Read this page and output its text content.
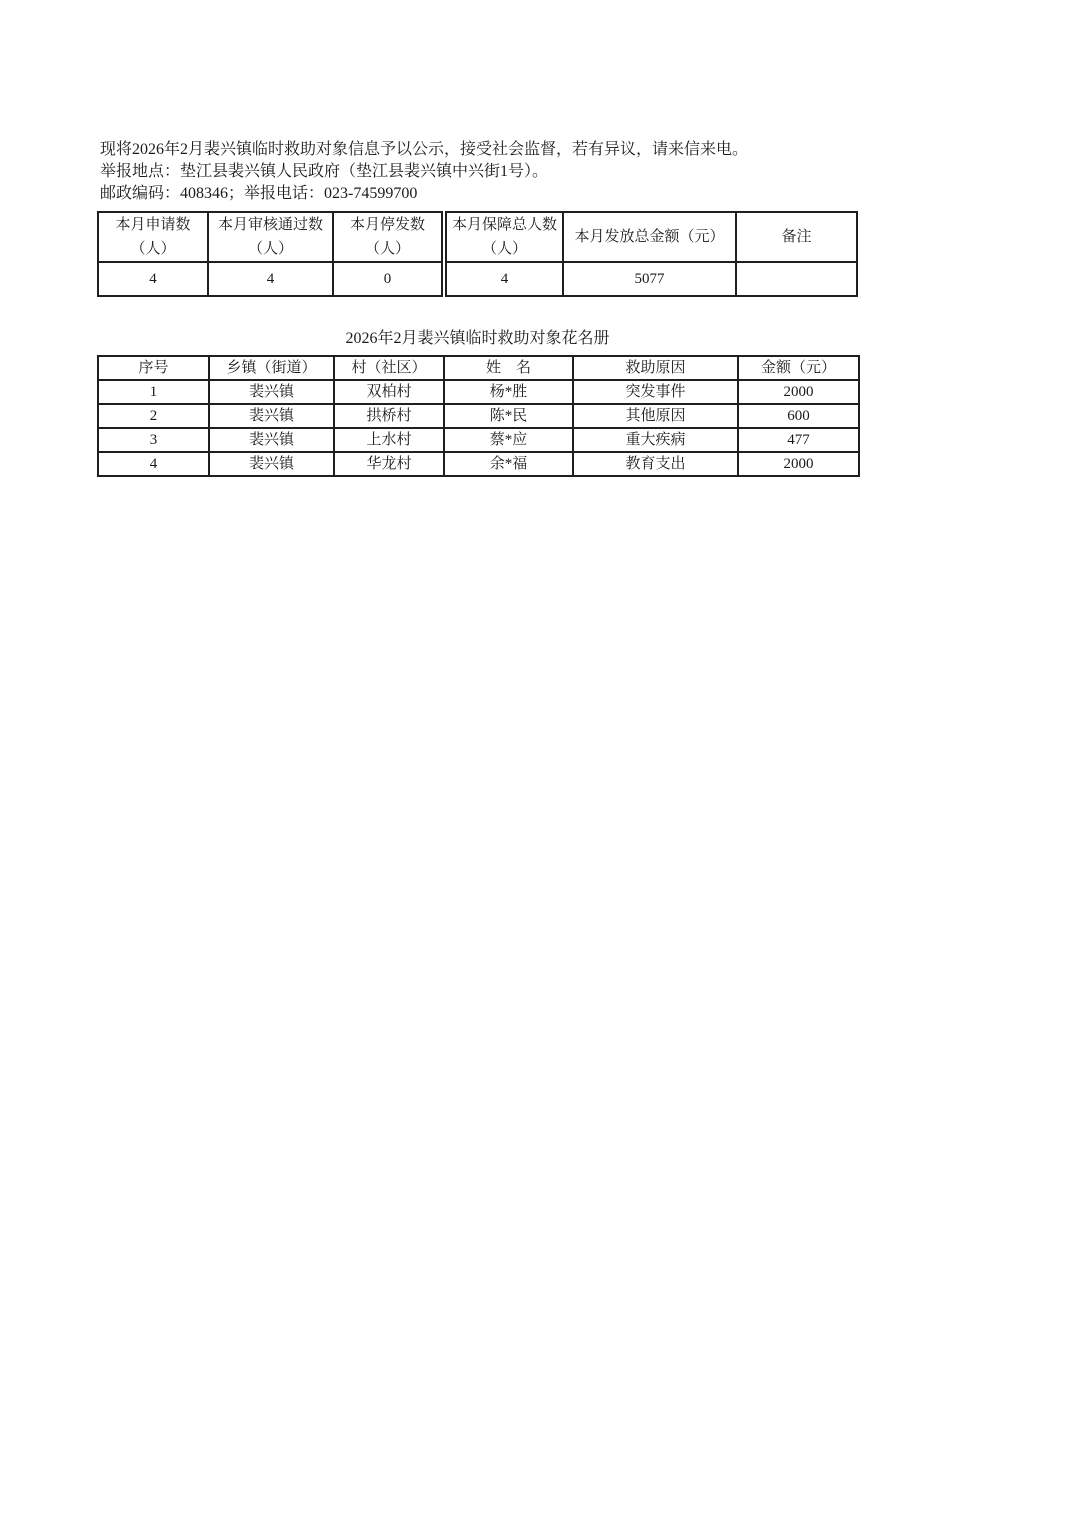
现将2026年2月裴兴镇临时救助对象信息予以公示，接受社会监督，若有异议，请来信来电。

举报地点：垫江县裴兴镇人民政府（垫江县裴兴镇中兴街1号）。

邮政编码：408346；举报电话：023-74599700

本月申请数（人）	本月审核通过数（人）	本月停发数（人）	本月保障总人数（人）	本月发放总金额（元）	备注
4	4	0	4	5077	
2026年2月裴兴镇临时救助对象花名册
序号	乡镇（街道）	村（社区）	姓　名	救助原因	金额（元）
1	裴兴镇	双柏村	杨*胜	突发事件	2000
2	裴兴镇	拱桥村	陈*民	其他原因	600
3	裴兴镇	上水村	蔡*应	重大疾病	477
4	裴兴镇	华龙村	余*福	教育支出	2000
